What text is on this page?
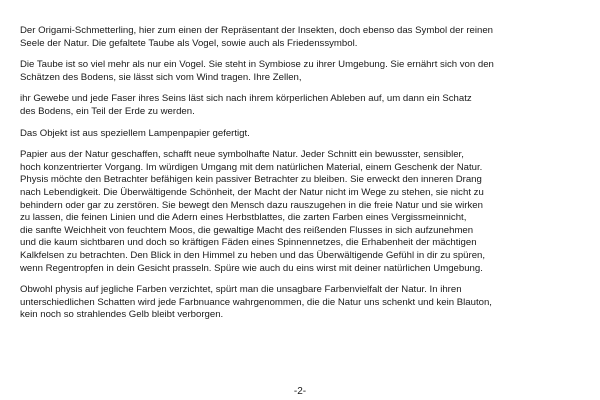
Der Origami-Schmetterling, hier zum einen der Repräsentant der Insekten, doch ebenso das Symbol der reinen
Seele der Natur. Die gefaltete Taube als Vogel, sowie auch als Friedenssymbol.

Die Taube ist so viel mehr als nur ein Vogel. Sie steht in Symbiose zu ihrer Umgebung. Sie ernährt sich von den
Schätzen des Bodens, sie lässt sich vom Wind tragen. Ihre Zellen,

ihr Gewebe und jede Faser ihres Seins läst sich nach ihrem körperlichen Ableben auf, um dann ein Schatz
des Bodens, ein Teil der Erde zu werden.

Das Objekt ist aus speziellem Lampenpapier gefertigt.

Papier aus der Natur geschaffen, schafft neue symbolhafte Natur. Jeder Schnitt ein bewusster, sensibler,
hoch konzentrierter Vorgang. Im würdigen Umgang mit dem natürlichen Material, einem Geschenk der Natur.
Physis möchte den Betrachter befähigen kein passiver Betrachter zu bleiben. Sie erweckt den inneren Drang
nach Lebendigkeit. Die Überwältigende Schönheit, der Macht der Natur nicht im Wege zu stehen, sie nicht zu
behindern oder gar zu zerstören. Sie bewegt den Mensch dazu rauszugehen in die freie Natur und sie wirken
zu lassen, die feinen Linien und die Adern eines Herbstblattes, die zarten Farben eines Vergissmeinnicht,
die sanfte Weichheit von feuchtem Moos, die gewaltige Macht des reißenden Flusses in sich aufzunehmen
und die kaum sichtbaren und doch so kräftigen Fäden eines Spinnennetzes, die Erhabenheit der mächtigen
Kalkfelsen zu betrachten. Den Blick in den Himmel zu heben und das Überwältigende Gefühl in dir zu spüren,
wenn Regentropfen in dein Gesicht prasseln. Spüre wie auch du eins wirst mit deiner natürlichen Umgebung.

Obwohl physis auf jegliche Farben verzichtet, spürt man die unsagbare Farbenvielfalt der Natur. In ihren
unterschiedlichen Schatten wird jede Farbnuance wahrgenommen, die die Natur uns schenkt und kein Blauton,
kein noch so strahlendes Gelb bleibt verborgen.

-2-
